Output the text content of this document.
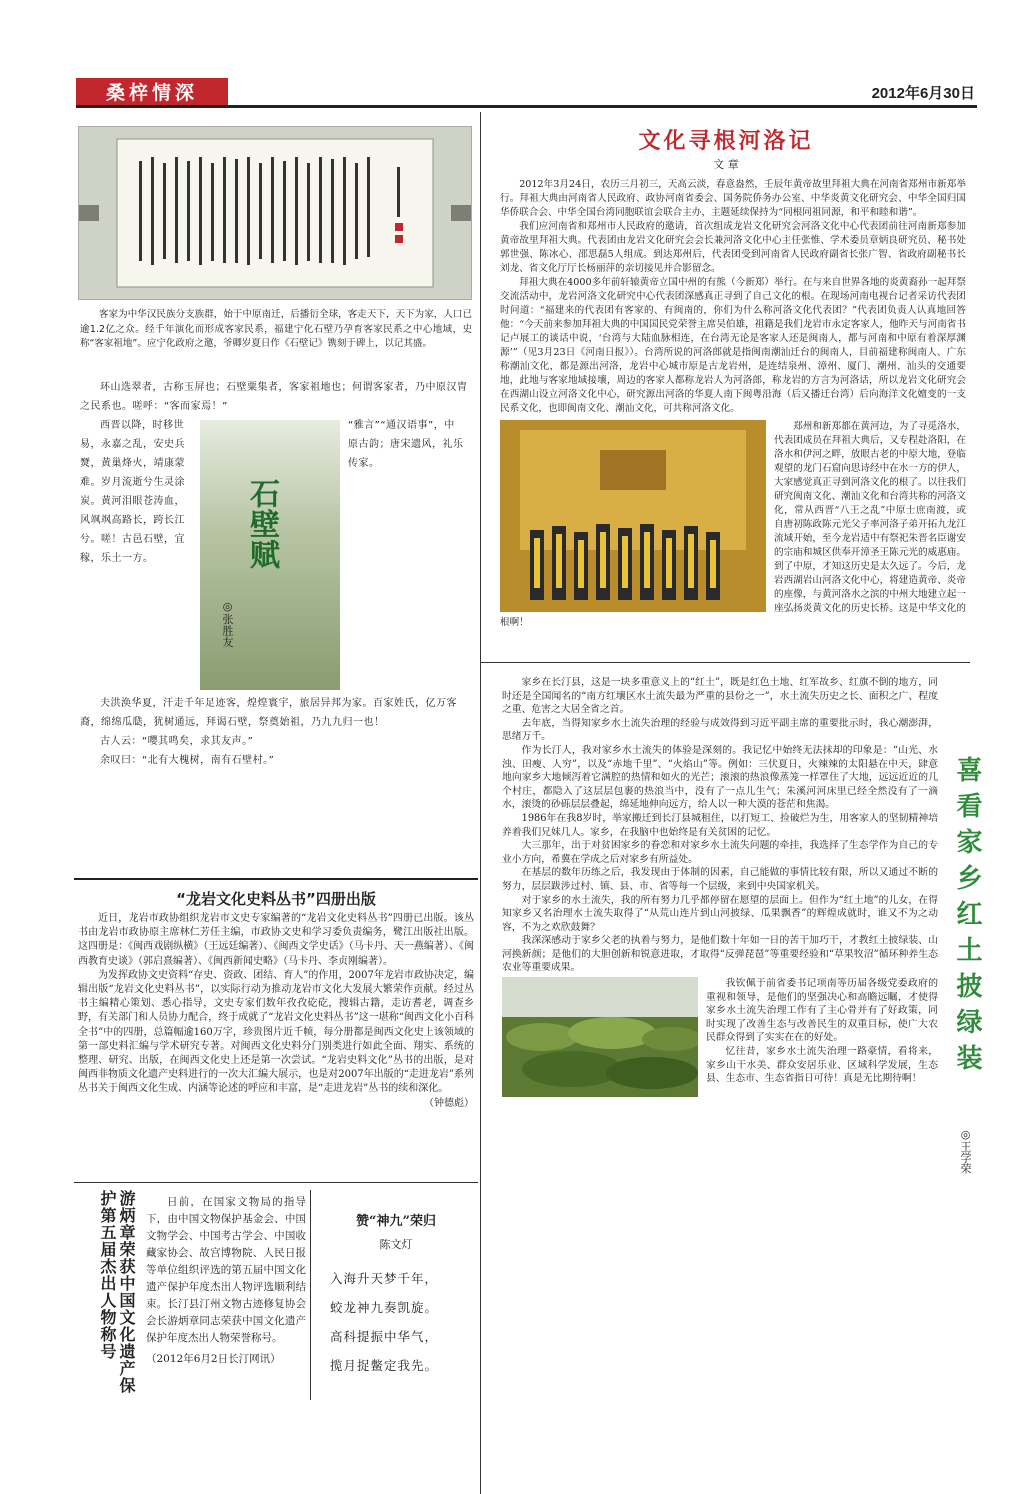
桑梓情深	2012年6月30日
客家为中华汉民族分支族群，始于中原南迁，后播衍全球，客走天下，天下为家，人口已逾1.2亿之众。经千年演化而形成客家民系，福建宁化石壁乃孕育客家民系之中心地域，史称“客家祖地”。应宁化政府之邀，爷卿岁夏日作《石壁记》镌刻于碑上，以记其盛。

环山选翠者，古称玉屏也；石壁粟集者，客家祖地也；何谓客家者，乃中原汉胄之民系也。嗟呼：“客而家焉！”

西晋以降，时移世易，永嘉之乱，安史兵燹，黄巢烽火，靖康蒙难。岁月流逝兮生灵涂炭。黄河泪眼苍涛血，风飒飒高路长，跨长江兮。嗟！古邑石壁，宜稼，乐土一方。	石壁赋
◎张胜友

“雅言”“通汉语事”，中原古韵；唐宋遗风，礼乐传家。

夫洪涣华夏，汗走千年足迹客，煌煌寰宇，旅居异邦为家。百家姓氏，亿万客裔，绵绵瓜瓞，犹树通远，拜谒石壁，祭奠始祖，乃九九归一也！

古人云：“嘤其鸣矣，求其友声。”

余叹曰：“北有大槐树，南有石壁村。”

“龙岩文化史料丛书”四册出版

近日，龙岩市政协组织龙岩市文史专家编著的“龙岩文化史料丛书”四册已出版。该丛书由龙岩市政协原主席林仁芳任主编，市政协文史和学习委负责编务，鹭江出版社出版。这四册是：《闽西戏剧纵横》（王远廷编著）、《闽西文学史话》（马卡丹、天一燕编著）、《闽西教育史谈》（郭启熹编著）、《闽西新闻史略》（马卡丹、李贞刚编著）。

为发挥政协文史资料“存史、资政、团结、育人”的作用，2007年龙岩市政协决定，编辑出版“龙岩文化史料丛书”，以实际行动为推动龙岩市文化大发展大繁荣作贡献。经过丛书主编精心策划、悉心指导，文史专家们数年孜孜矻矻，搜辑古籍，走访耆老，调查乡野，有关部门和人员协力配合，终于成就了“龙岩文化史料丛书”这一堪称“闽西文化小百科全书”中的四册，总篇幅逾160万字，珍贵图片近千帧，每分册都是闽西文化史上该领域的第一部史料汇编与学术研究专著。对闽西文化史料分门别类进行如此全面、翔实、系统的整理、研究、出版，在闽西文化史上还是第一次尝试。“龙岩史料文化”丛书的出版，是对闽西非物质文化遗产史料进行的一次大汇编大展示，也是对2007年出版的“走进龙岩”系列丛书关于闽西文化生成、内涵等论述的呼应和丰富，是“走进龙岩”丛书的续和深化。

（钟德彪）

游炳章荣获中国文化遗产保护第五届杰出人物称号	日前，在国家文物局的指导下，由中国文物保护基金会、中国文物学会、中国考古学会、中国收藏家协会、故宫博物院、人民日报等单位组织评选的第五届中国文化遗产保护年度杰出人物评选顺利结束。长汀县汀州文物古迹修复协会会长游炳章同志荣获中国文化遗产保护年度杰出人物荣誉称号。

（2012年6月2日长汀网讯）

赞“神九”荣归
陈文灯

入海升天梦千年，

蛟龙神九奏凯旋。

高科提振中华气，

揽月捉鳖定我先。

文化寻根河洛记
文 章

2012年3月24日，农历三月初三，天高云淡，春意盎然，壬辰年黄帝故里拜祖大典在河南省郑州市新郑举行。拜祖大典由河南省人民政府、政协河南省委会、国务院侨务办公室、中华炎黄文化研究会、中华全国归国华侨联合会、中华全国台湾同胞联谊会联合主办，主题延续保持为“同根同祖同源，和平和睦和谐”。

我们应河南省和郑州市人民政府的邀请，首次组成龙岩文化研究会河洛文化中心代表团前往河南新郑参加黄帝故里拜祖大典。代表团由龙岩文化研究会会长兼河洛文化中心主任张惟、学术委员章炳良研究员、秘书处郭世强、陈冰心、邵思磊5人组成。到达郑州后，代表团受到河南省人民政府副省长张广智、省政府副秘书长刘龙、省文化厅厅长杨丽萍的亲切接见并合影留念。

拜祖大典在4000多年前轩辕黄帝立国中州的有熊（今新郑）举行。在与来自世界各地的炎黄裔孙一起拜祭交流活动中，龙岩河洛文化研究中心代表团深感真正寻到了自己文化的根。在现场河南电视台记者采访代表团时问道：“福建来的代表团有客家的、有闽南的，你们为什么称河洛文化代表团？”代表团负责人认真地回答他：“今天前来参加拜祖大典的中国国民党荣誉主席吴伯雄，祖籍是我们龙岩市永定客家人，他昨天与河南省书记卢展工的谈话中说，‘台湾与大陆血脉相连，在台湾无论是客家人还是闽南人，都与河南和中原有着深厚渊源’”（见3月23日《河南日报》）。台湾所说的河洛郎就是指闽南潮汕迁台的闽南人，目前福建称闽南人、广东称潮汕文化，都是源出河洛，龙岩中心城市原是古龙岩州，是连结泉州、漳州、厦门、潮州、汕头的交通要地，此地与客家地域接壤，周边的客家人都称龙岩人为河洛郎，称龙岩的方言为河洛话，所以龙岩文化研究会在西湖山设立河洛文化中心，研究源出河洛的华夏人南下闽粤沿海（后又播迁台湾）后向海洋文化嬗变的一支民系文化，也即闽南文化、潮汕文化，可共称河洛文化。

郑州和新郑都在黄河边，为了寻觅洛水，代表团成员在拜祖大典后，又专程赴洛阳，在洛水和伊河之畔，放眼古老的中原大地，登临观望的龙门石窟向思诗经中在水一方的伊人，大家感觉真正寻到河洛文化的根了。以往我们研究闽南文化、潮汕文化和台湾共称的河洛文化，常从西晋“八王之乱”中原士庶南渡，或自唐初陈政陈元光父子率河洛子弟开拓九龙江流域开始，至今龙岩适中有祭祀朱晋名臣谢安的宗庙和城区供奉开漳圣王陈元光的威惠庙。到了中原，才知这历史是太久远了。今后，龙岩西湖岩山河洛文化中心，将建造黄帝、炎帝的座像，与黄河洛水之滨的中州大地建立起一座弘扬炎黄文化的历史长桥。这是中华文化的根啊！

喜看家乡红土披绿装
◎王学荣

家乡在长汀县，这是一块多重意义上的“红土”，既是红色土地、红军故乡、红旗不倒的地方，同时还是全国闻名的“南方红壤区水土流失最为严重的县份之一”，水土流失历史之长、面积之广、程度之重、危害之大居全省之首。

去年底，当得知家乡水土流失治理的经验与成效得到习近平副主席的重要批示时，我心潮澎湃，思绪万千。

作为长汀人，我对家乡水土流失的体验是深刻的。我记忆中始终无法抹却的印象是：“山光、水浊、田瘦、人穷”，以及“赤地千里”、“火焰山”等。例如：三伏夏日，火辣辣的太阳悬在中天，肆意地向家乡大地倾泻着它满腔的热情和如火的光芒；滚滚的热浪像蒸笼一样罩住了大地，远远近近的几个村庄，都隐入了这层层包裹的热浪当中，没有了一点儿生气；朱溪河河床里已经全然没有了一滴水，滚烫的砂砾层层叠起，绵延地伸向远方，给人以一种大漠的苍茫和焦渴。

1986年在我8岁时，举家搬迁到长汀县城租住，以打短工、捡破烂为生，用客家人的坚韧精神培养着我们兄妹几人。家乡，在我脑中也始终是有关贫困的记忆。

大三那年，出于对贫困家乡的眷恋和对家乡水土流失问题的牵挂，我选择了生态学作为自己的专业小方向，希冀在学成之后对家乡有所益处。

在基层的数年历练之后，我发现由于体制的因素，自己能做的事情比较有限，所以又通过不断的努力，层层跋涉过村、镇、县、市、省等每一个层级，来到中央国家机关。

对于家乡的水土流失，我的所有努力几乎都停留在愿望的层面上。但作为“红土地”的儿女，在得知家乡又名治理水土流失取得了“从荒山连片到山河披绿、瓜果飘香”的辉煌成就时，谁又不为之动容，不为之欢欣鼓舞？

我深深感动于家乡父老的执着与努力，是他们数十年如一日的苦干加巧干，才教红土披绿装、山河换新颜；是他们的大胆创新和锐意进取，才取得“反弹琵琶”等重要经验和“草果牧沼”循环种养生态农业等重要成果。

我钦佩于前省委书记项南等历届各级党委政府的重视和领导，是他们的坚强决心和高瞻远瞩，才使得家乡水土流失治理工作有了主心骨并有了好政策，同时实现了改善生态与改善民生的双重目标，使广大农民群众得到了实实在在的好处。

忆往昔，家乡水土流失治理一路豪情，看将来，家乡山干水美、群众安居乐业、区域科学发展，生态县、生态市、生态省指日可待！真是无比期待啊！
